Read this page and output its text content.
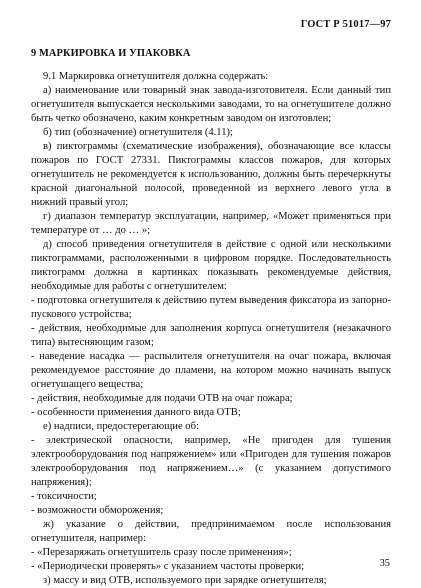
ГОСТ Р 51017—97
9 МАРКИРОВКА И УПАКОВКА

9.1 Маркировка огнетушителя должна содержать:

а) наименование или товарный знак завода-изготовителя. Если данный тип огнетушителя выпускается несколькими заводами, то на огнетушителе должно быть четко обозначено, каким конкретным заводом он изготовлен;

б) тип (обозначение) огнетушителя (4.11);

в) пиктограммы (схематические изображения), обозначающие все классы пожаров по ГОСТ 27331. Пиктограммы классов пожаров, для которых огнетушитель не рекомендуется к использованию, должны быть перечеркнуты красной диагональной полосой, проведенной из верхнего левого угла в нижний правый угол;

г) диапазон температур эксплуатации, например, «Может применяться при температуре от … до … »;

д) способ приведения огнетушителя в действие с одной или несколькими пиктограммами, расположенными в цифровом порядке. Последовательность пиктограмм должна в картинках показывать рекомендуемые действия, необходимые для работы с огнетушителем:

- подготовка огнетушителя к действию путем выведения фиксатора из запорно-пускового устройства;

- действия, необходимые для заполнения корпуса огнетушителя (незакачного типа) вытесняющим газом;

- наведение насадка — распылителя огнетушителя на очаг пожара, включая рекомендуемое расстояние до пламени, на котором можно начинать выпуск огнетушащего вещества;

- действия, необходимые для подачи ОТВ на очаг пожара;

- особенности применения данного вида ОТВ;

е) надписи, предостерегающие об:

- электрической опасности, например, «Не пригоден для тушения электрооборудования под напряжением» или «Пригоден для тушения пожаров электрооборудования под напряжением…» (с указанием допустимого напряжения);

- токсичности;

- возможности обморожения;

ж) указание о действии, предпринимаемом после использования огнетушителя, например:

- «Перезаряжать огнетушитель сразу после применения»;

- «Периодически проверять» с указанием частоты проверки;

з) массу и вид ОТВ, используемого при зарядке огнетушителя;

35
